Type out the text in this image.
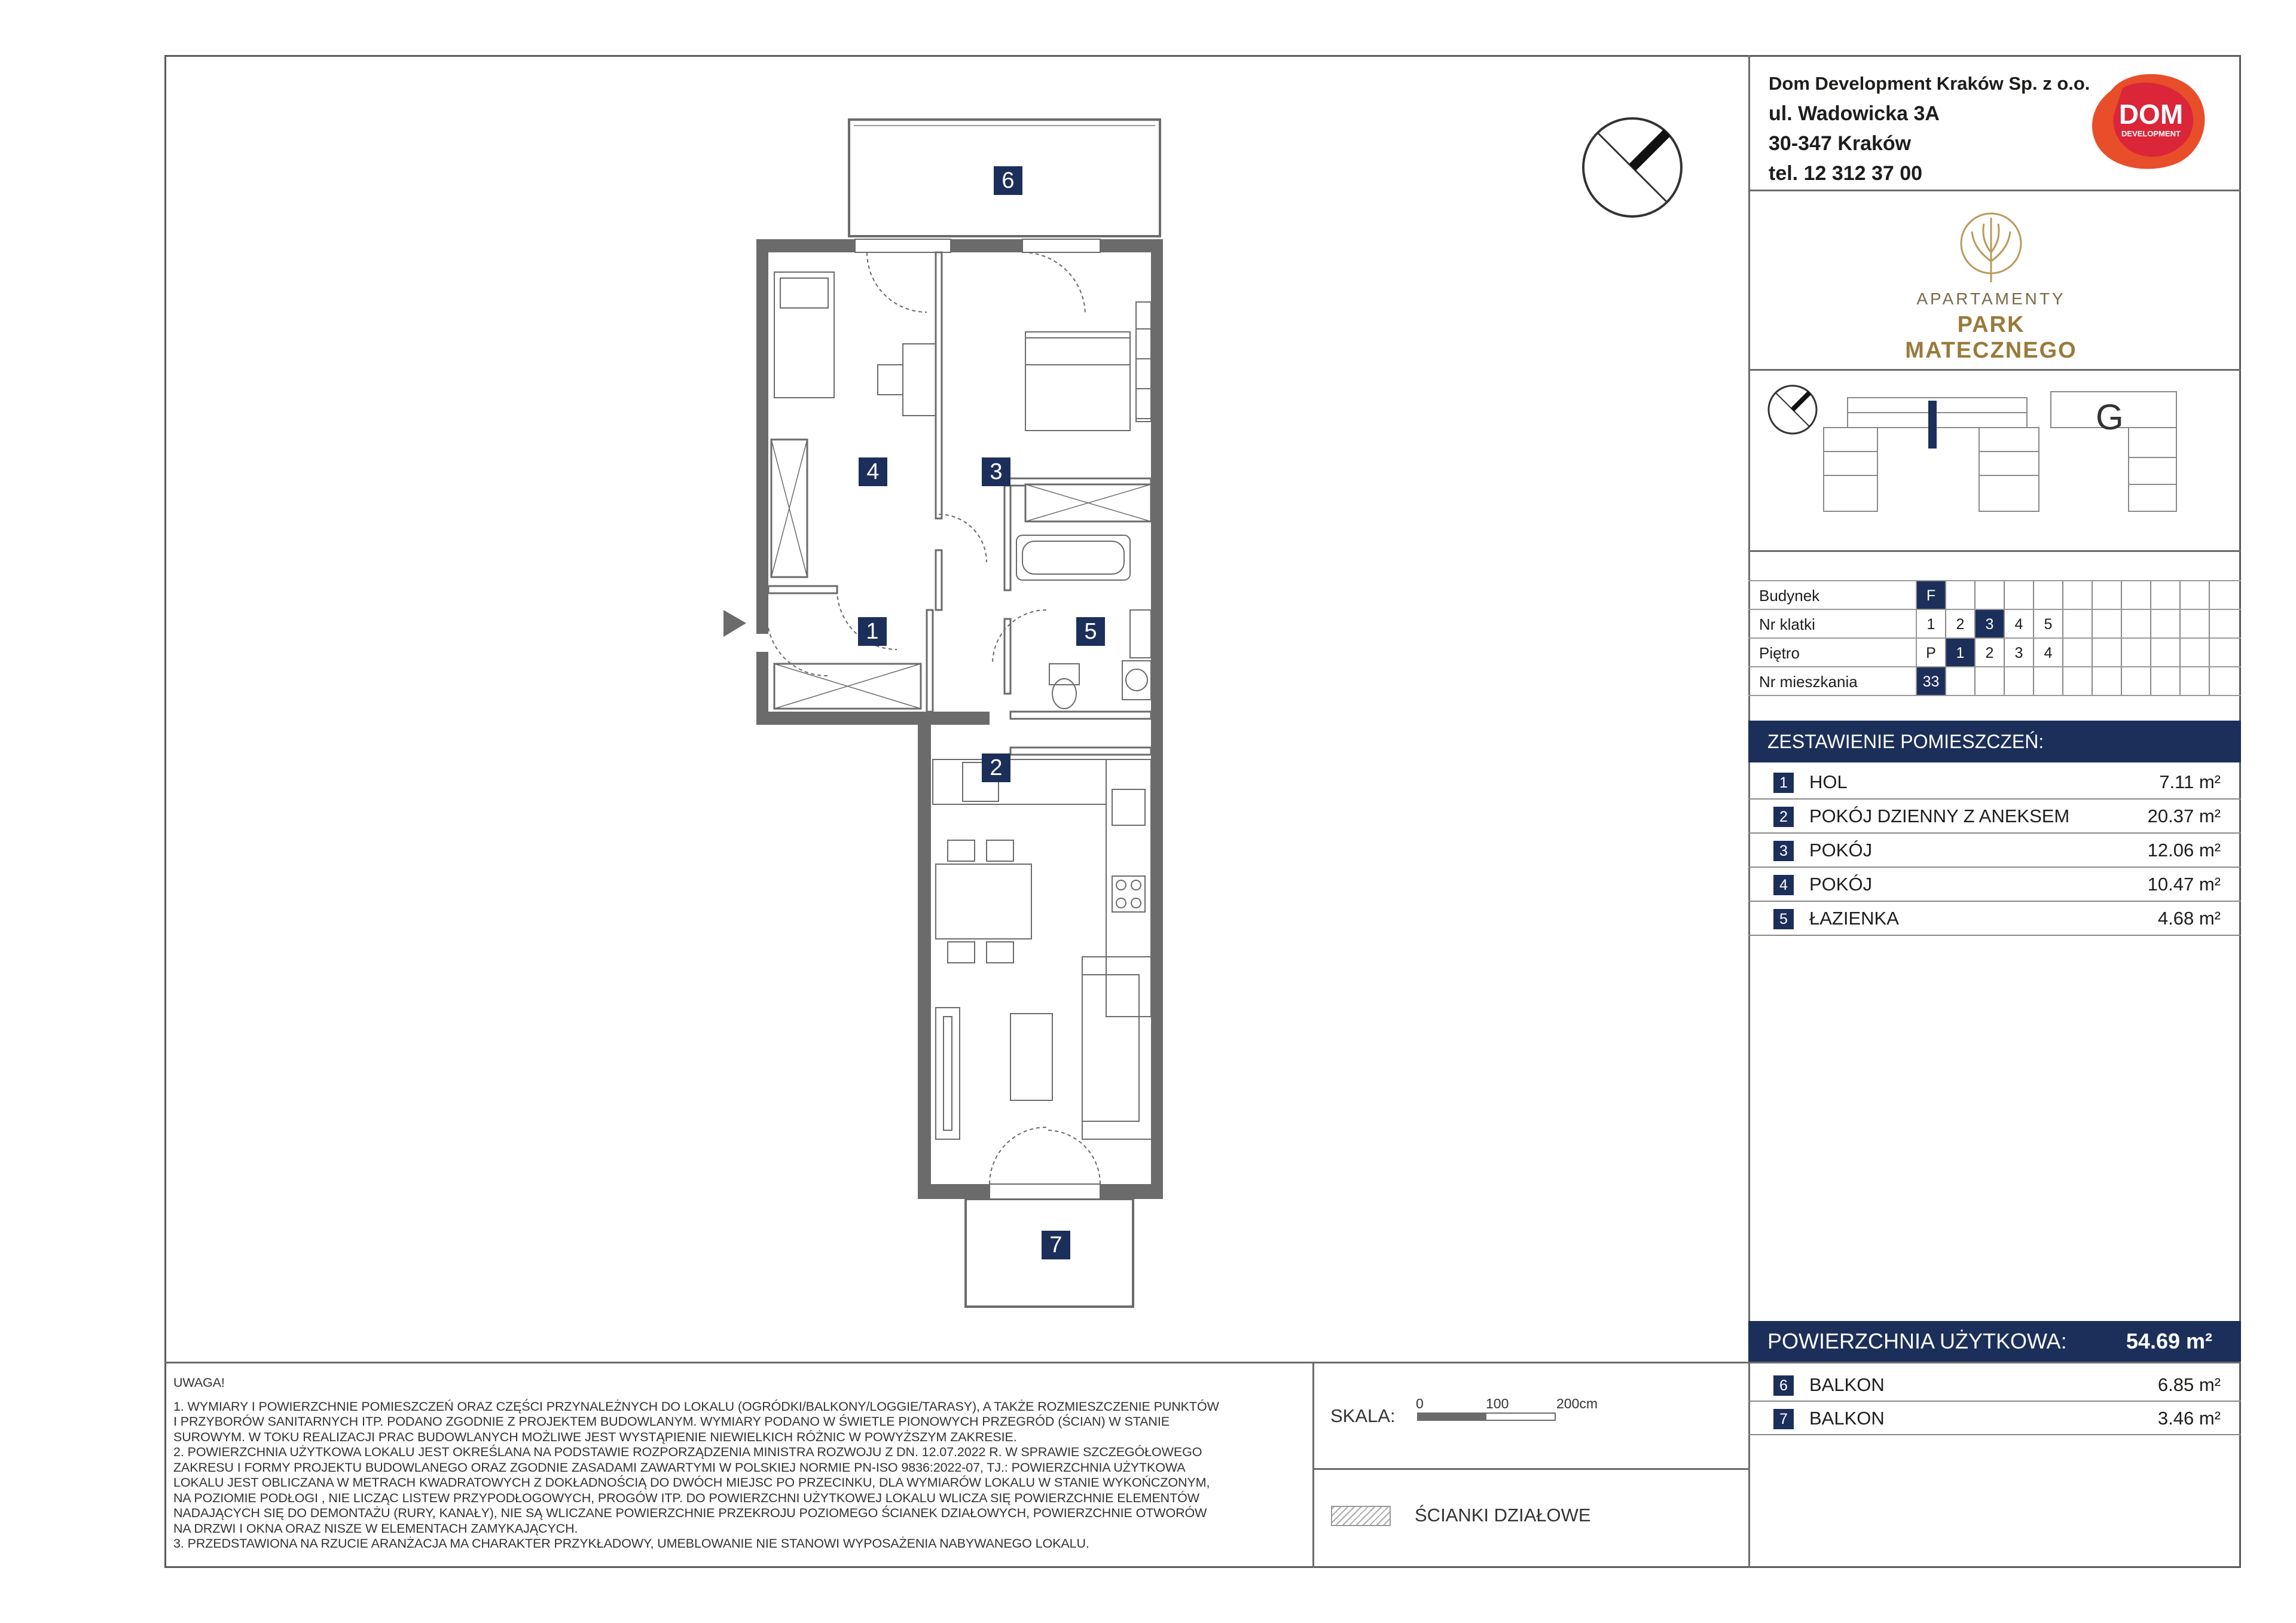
Dom Development Kraków Sp. z o.o.
ul. Wadowicka 3A
30-347 Kraków
tel. 12 312 37 00
DOM
DEVELOPMENT
APARTAMENTY
PARK MATECZNEGO
G
Budynek	F
Nr klatki	1	2	3	4	5
Piętro	P	1	2	3	4
Nr mieszkania	33
ZESTAWIENIE POMIESZCZEŃ:
1	HOL	7.11 m²
2	POKÓJ DZIENNY Z ANEKSEM	20.37 m²
3	POKÓJ	12.06 m²
4	POKÓJ	10.47 m²
5	ŁAZIENKA	4.68 m²
POWIERZCHNIA UŻYTKOWA:	54.69 m²
6	BALKON	6.85 m²
7	BALKON	3.46 m²

UWAGA!

1. WYMIARY I POWIERZCHNIE POMIESZCZEŃ ORAZ CZĘŚCI PRZYNALEŻNYCH DO LOKALU (OGRÓDKI/BALKONY/LOGGIE/TARASY), A TAKŻE ROZMIESZCZENIE PUNKTÓW

I PRZYBORÓW SANITARNYCH ITP. PODANO ZGODNIE Z PROJEKTEM BUDOWLANYM. WYMIARY PODANO W ŚWIETLE PIONOWYCH PRZEGRÓD (ŚCIAN) W STANIE

SUROWYM. W TOKU REALIZACJI PRAC BUDOWLANYCH MOŻLIWE JEST WYSTĄPIENIE NIEWIELKICH RÓŻNIC W POWYŻSZYM ZAKRESIE.

2. POWIERZCHNIA UŻYTKOWA LOKALU JEST OKREŚLANA NA PODSTAWIE ROZPORZĄDZENIA MINISTRA ROZWOJU Z DN. 12.07.2022 R. W SPRAWIE SZCZEGÓŁOWEGO

ZAKRESU I FORMY PROJEKTU BUDOWLANEGO ORAZ ZGODNIE ZASADAMI ZAWARTYMI W POLSKIEJ NORMIE PN-ISO 9836:2022-07, TJ.: POWIERZCHNIA UŻYTKOWA

LOKALU JEST OBLICZANA W METRACH KWADRATOWYCH Z DOKŁADNOŚCIĄ DO DWÓCH MIEJSC PO PRZECINKU, DLA WYMIARÓW LOKALU W STANIE WYKOŃCZONYM,

NA POZIOMIE PODŁOGI , NIE LICZĄC LISTEW PRZYPODŁOGOWYCH, PROGÓW ITP. DO POWIERZCHNI UŻYTKOWEJ LOKALU WLICZA SIĘ POWIERZCHNIE ELEMENTÓW

NADAJĄCYCH SIĘ DO DEMONTAŻU (RURY, KANAŁY), NIE SĄ WLICZANE POWIERZCHNIE PRZEKROJU POZIOMEGO ŚCIANEK DZIAŁOWYCH, POWIERZCHNIE OTWORÓW

NA DRZWI I OKNA ORAZ NISZE W ELEMENTACH ZAMYKAJĄCYCH.

3. PRZEDSTAWIONA NA RZUCIE ARANŻACJA MA CHARAKTER PRZYKŁADOWY, UMEBLOWANIE NIE STANOWI WYPOSAŻENIA NABYWANEGO LOKALU.

SKALA:
0	100	200cm
ŚCIANKI DZIAŁOWE
6
4	3
1	5
2
7
